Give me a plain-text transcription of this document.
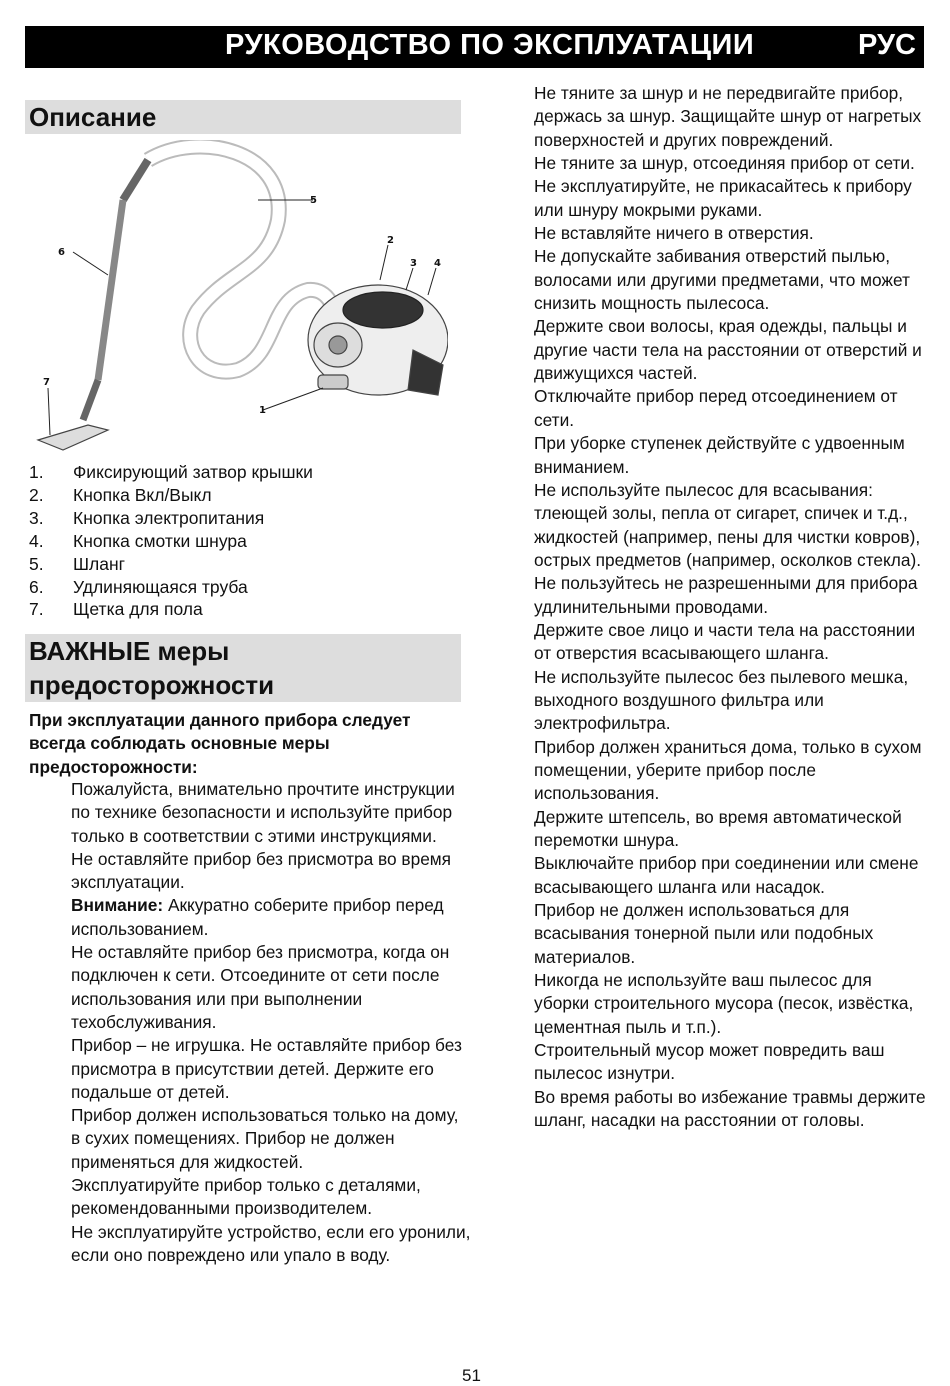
РУКОВОДСТВО ПО ЭКСПЛУАТАЦИИ	РУС
Описание
1
2
3 4
5
6
7
1.	Фиксирующий затвор крышки
2.	Кнопка Вкл/Выкл
3.	Кнопка электропитания
4.	Кнопка смотки шнура
5.	Шланг
6.	Удлиняющаяся труба
7.	Щетка для пола
ВАЖНЫЕ меры
предосторожности
При эксплуатации данного прибора следует всегда соблюдать основные меры предосторожности:

Пожалуйста, внимательно прочтите инструкции по технике безопасности и используйте прибор только в соответствии с этими инструкциями.

Не оставляйте прибор без присмотра во время эксплуатации.

Внимание: Аккуратно соберите прибор перед использованием.

Не оставляйте прибор без присмотра, когда он подключен к сети. Отсоедините от сети после использования или при выполнении техобслуживания.

Прибор – не игрушка. Не оставляйте прибор без присмотра в присутствии детей. Держите его подальше от детей.

Прибор должен использоваться только на дому, в сухих помещениях. Прибор не должен применяться для жидкостей.

Эксплуатируйте прибор только с деталями, рекомендованными производителем.

Не эксплуатируйте устройство, если его уронили, если оно повреждено или упало в воду.

Не тяните за шнур и не передвигайте прибор, держась за шнур. Защищайте шнур от нагретых поверхностей и других повреждений.

Не тяните за шнур, отсоединяя прибор от сети.

Не эксплуатируйте, не прикасайтесь к прибору или шнуру мокрыми руками.

Не вставляйте ничего в отверстия.

Не допускайте забивания отверстий пылью, волосами или другими предметами, что может снизить мощность пылесоса.

Держите свои волосы, края одежды, пальцы и другие части тела на расстоянии от отверстий и движущихся частей.

Отключайте прибор перед отсоединением от сети.

При уборке ступенек действуйте с удвоенным вниманием.

Не используйте пылесос для всасывания: тлеющей золы, пепла от сигарет, спичек и т.д., жидкостей (например, пены для чистки ковров), острых предметов (например, осколков стекла).

Не пользуйтесь не разрешенными для прибора удлинительными проводами.

Держите свое лицо и части тела на расстоянии от отверстия всасывающего шланга.

Не используйте пылесос без пылевого мешка, выходного воздушного фильтра или электрофильтра.

Прибор должен храниться дома, только в сухом помещении, уберите прибор после использования.

Держите штепсель, во время автоматической перемотки шнура.

Выключайте прибор при соединении или смене всасывающего шланга или насадок.

Прибор не должен использоваться для всасывания тонерной пыли или подобных материалов.

Никогда не используйте ваш пылесос для уборки строительного мусора (песок, извёстка, цементная пыль и т.п.).

Строительный мусор может повредить ваш пылесос изнутри.

Во время работы во избежание травмы держите шланг, насадки на расстоянии от головы.

51
